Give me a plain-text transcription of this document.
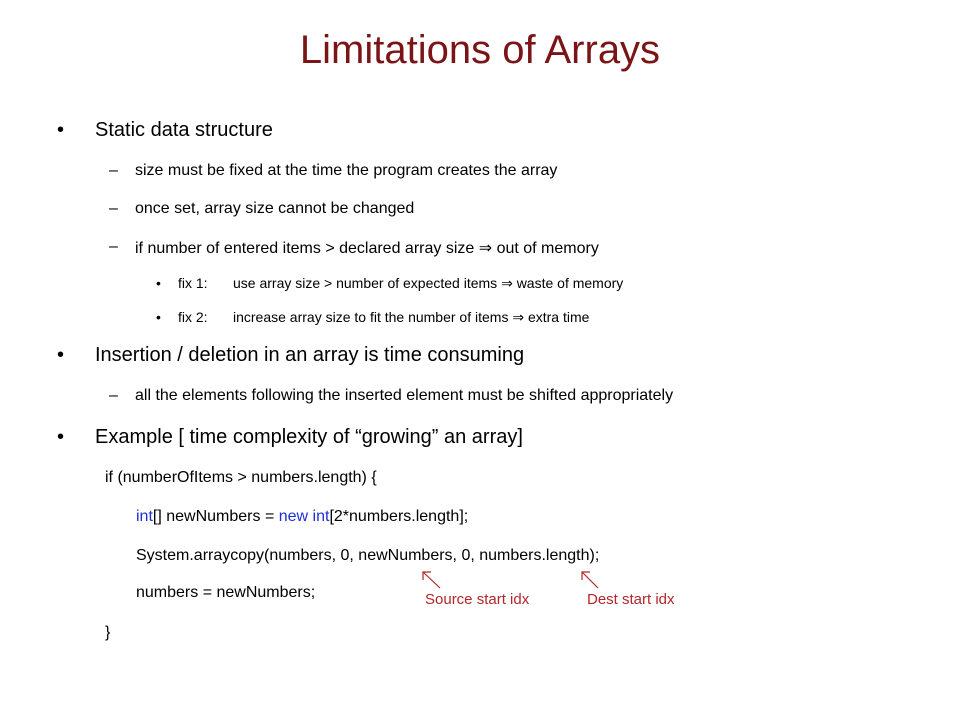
Limitations of Arrays
• Static data structure
– size must be fixed at the time the program creates the array
– once set, array size cannot be changed
– if number of entered items > declared array size ⇒ out of memory
• fix 1: use array size > number of expected items ⇒ waste of memory
• fix 2: increase array size to fit the number of items ⇒ extra time
• Insertion / deletion in an array is time consuming
– all the elements following the inserted element must be shifted appropriately
• Example [ time complexity of “growing” an array]
if (numberOfItems > numbers.length) {
int[] newNumbers = new int[2*numbers.length];
System.arraycopy(numbers, 0, newNumbers, 0, numbers.length);
numbers = newNumbers;
}
Source start idx	Dest start idx
